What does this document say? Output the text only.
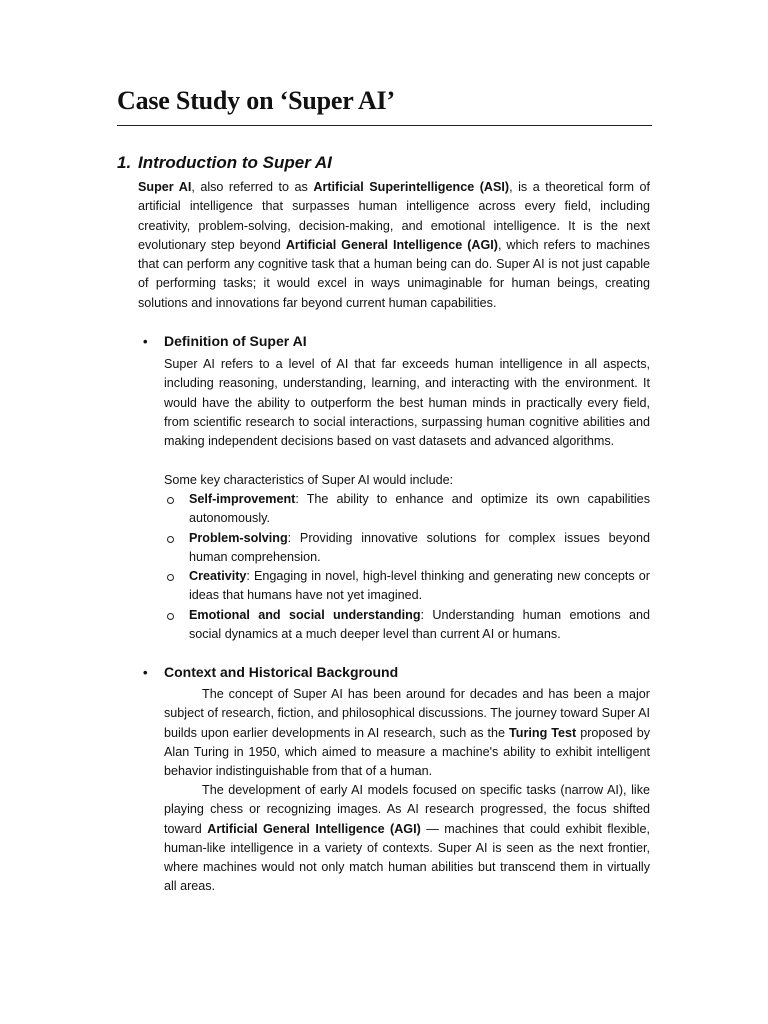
Case Study on ‘Super AI’
1. Introduction to Super AI

Super AI, also referred to as Artificial Superintelligence (ASI), is a theoretical form of artificial intelligence that surpasses human intelligence across every field, including creativity, problem-solving, decision-making, and emotional intelligence. It is the next evolutionary step beyond Artificial General Intelligence (AGI), which refers to machines that can perform any cognitive task that a human being can do. Super AI is not just capable of performing tasks; it would excel in ways unimaginable for human beings, creating solutions and innovations far beyond current human capabilities.

• Definition of Super AI

Super AI refers to a level of AI that far exceeds human intelligence in all aspects, including reasoning, understanding, learning, and interacting with the environment. It would have the ability to outperform the best human minds in practically every field, from scientific research to social interactions, surpassing human cognitive abilities and making independent decisions based on vast datasets and advanced algorithms.

Some key characteristics of Super AI would include:

Self-improvement: The ability to enhance and optimize its own capabilities autonomously.
Problem-solving: Providing innovative solutions for complex issues beyond human comprehension.
Creativity: Engaging in novel, high-level thinking and generating new concepts or ideas that humans have not yet imagined.
Emotional and social understanding: Understanding human emotions and social dynamics at a much deeper level than current AI or humans.
• Context and Historical Background

The concept of Super AI has been around for decades and has been a major subject of research, fiction, and philosophical discussions. The journey toward Super AI builds upon earlier developments in AI research, such as the Turing Test proposed by Alan Turing in 1950, which aimed to measure a machine's ability to exhibit intelligent behavior indistinguishable from that of a human.

The development of early AI models focused on specific tasks (narrow AI), like playing chess or recognizing images. As AI research progressed, the focus shifted toward Artificial General Intelligence (AGI) — machines that could exhibit flexible, human-like intelligence in a variety of contexts. Super AI is seen as the next frontier, where machines would not only match human abilities but transcend them in virtually all areas.
